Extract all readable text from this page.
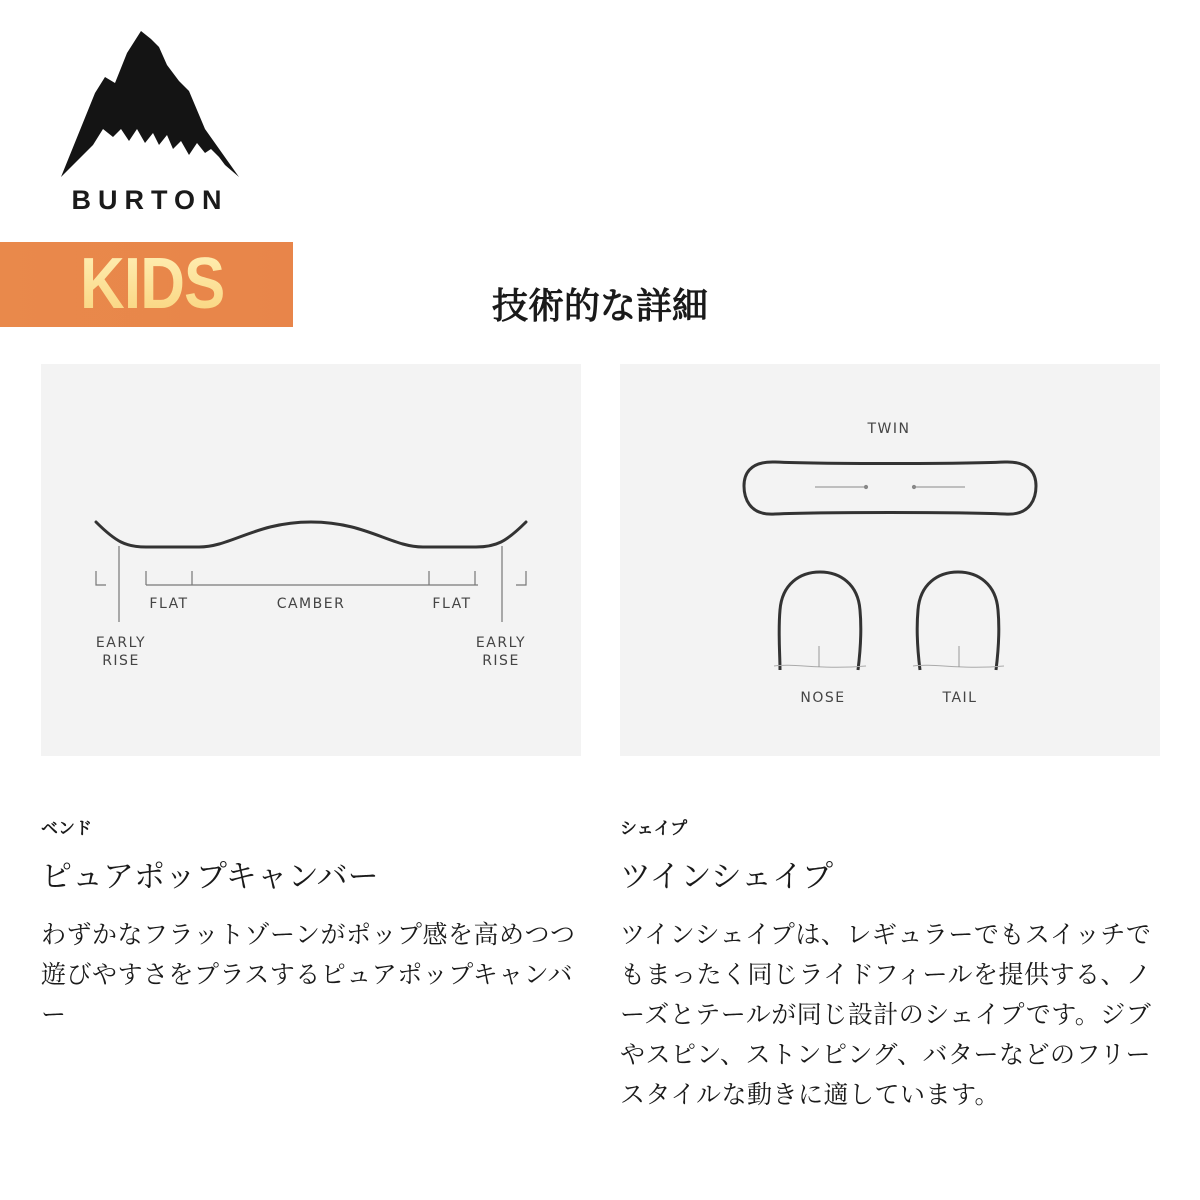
BURTON
KIDS	技術的な詳細
FLAT	CAMBER	FLAT
EARLY
RISE
EARLY
RISE
TWIN
NOSE	TAIL

ベンド

ピュアポップキャンバー

わずかなフラットゾーンがポップ感を高めつつ遊びやすさをプラスするピュアポップキャンバー

シェイプ

ツインシェイプ

ツインシェイプは、レギュラーでもスイッチでもまったく同じライドフィールを提供する、ノーズとテールが同じ設計のシェイプです。ジブやスピン、ストンピング、バターなどのフリースタイルな動きに適しています。
